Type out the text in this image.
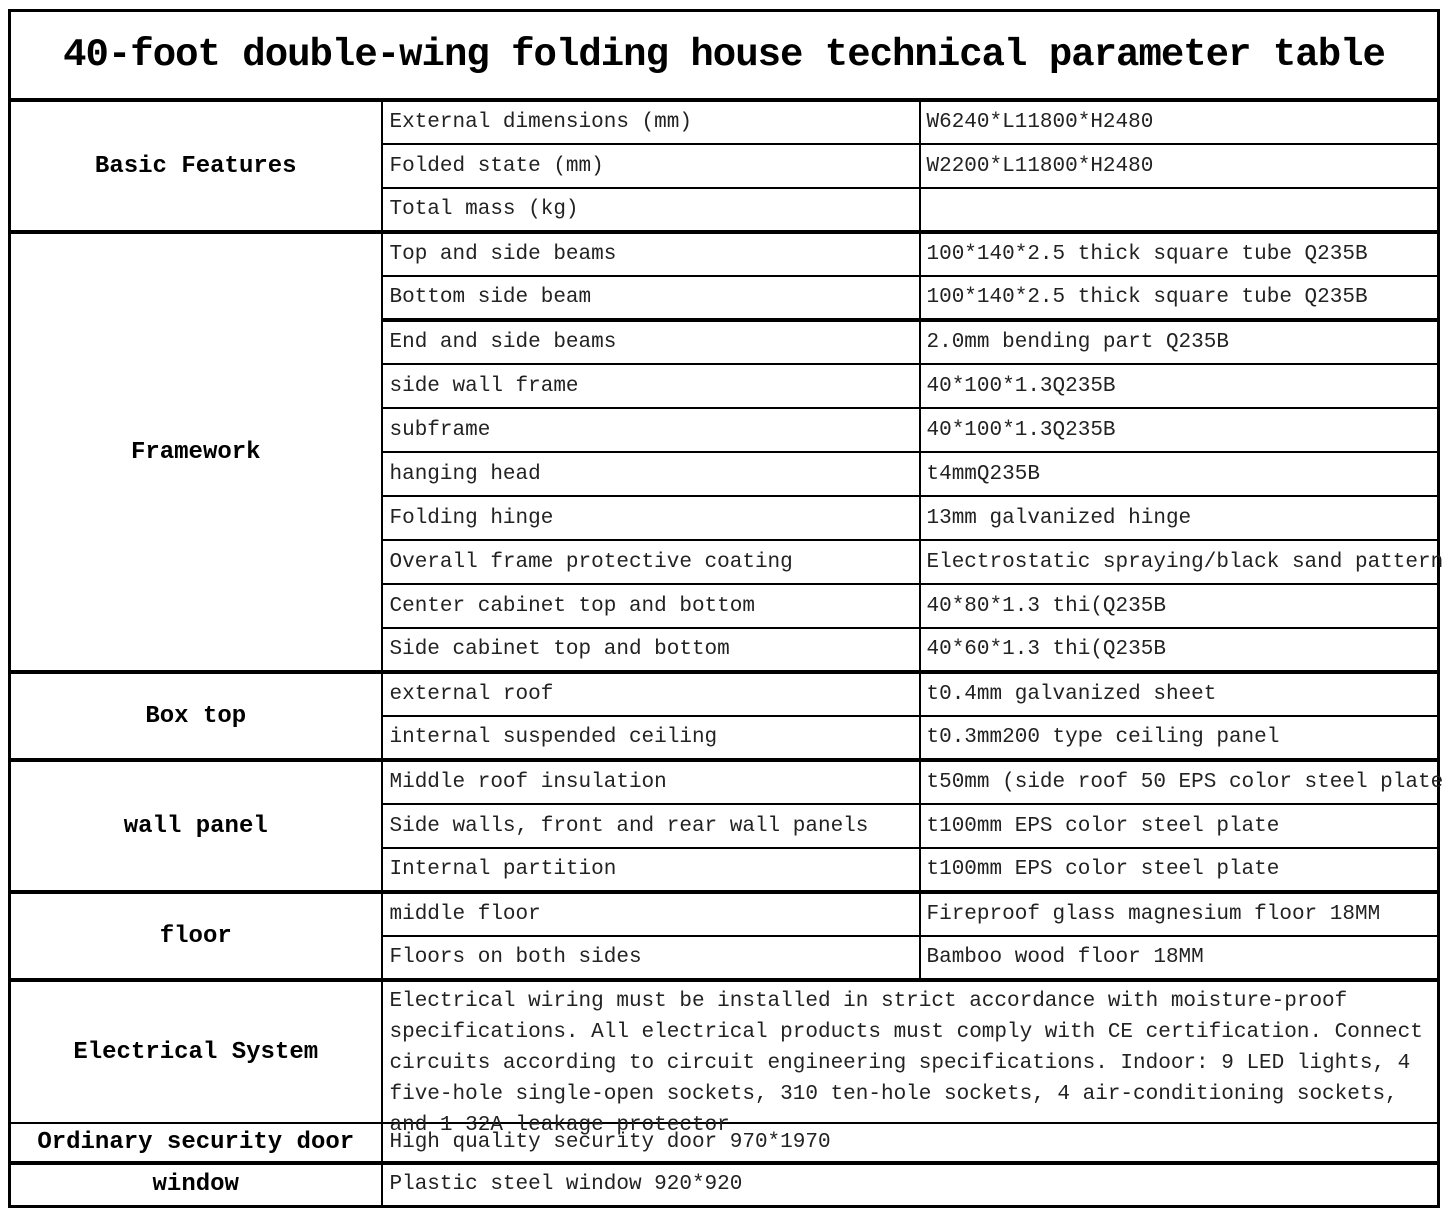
40-foot double-wing folding house technical parameter table		
Basic Features	External dimensions (mm)	W6240*L11800*H2480
	Folded state (mm)	W2200*L11800*H2480
	Total mass (kg)	
Framework	Top and side beams	100*140*2.5 thick square tube Q235B
	Bottom side beam	100*140*2.5 thick square tube Q235B
	End and side beams	2.0mm bending part Q235B
	side wall frame	40*100*1.3Q235B
	subframe	40*100*1.3Q235B
	hanging head	t4mmQ235B
	Folding hinge	13mm galvanized hinge
	Overall frame protective coating	Electrostatic spraying/black sand pattern
	Center cabinet top and bottom	40*80*1.3 thi(Q235B
	Side cabinet top and bottom	40*60*1.3 thi(Q235B
Box top	external roof	t0.4mm galvanized sheet
	internal suspended ceiling	t0.3mm200 type ceiling panel
wall panel	Middle roof insulation	t50mm (side roof 50 EPS color steel plate
	Side walls, front and rear wall panels	t100mm EPS color steel plate
	Internal partition	t100mm EPS color steel plate
floor	middle floor	Fireproof glass magnesium floor 18MM
	Floors on both sides	Bamboo wood floor 18MM
Electrical System	Electrical wiring must be installed in strict accordance with moisture-proof
specifications. All electrical products must comply with CE certification. Connect
circuits according to circuit engineering specifications. Indoor: 9 LED lights, 4
five-hole single-open sockets, 310 ten-hole sockets, 4 air-conditioning sockets,
and 1 32A leakage protector	

Ordinary security door	High quality security door 970*1970	
window	Plastic steel window 920*920	
